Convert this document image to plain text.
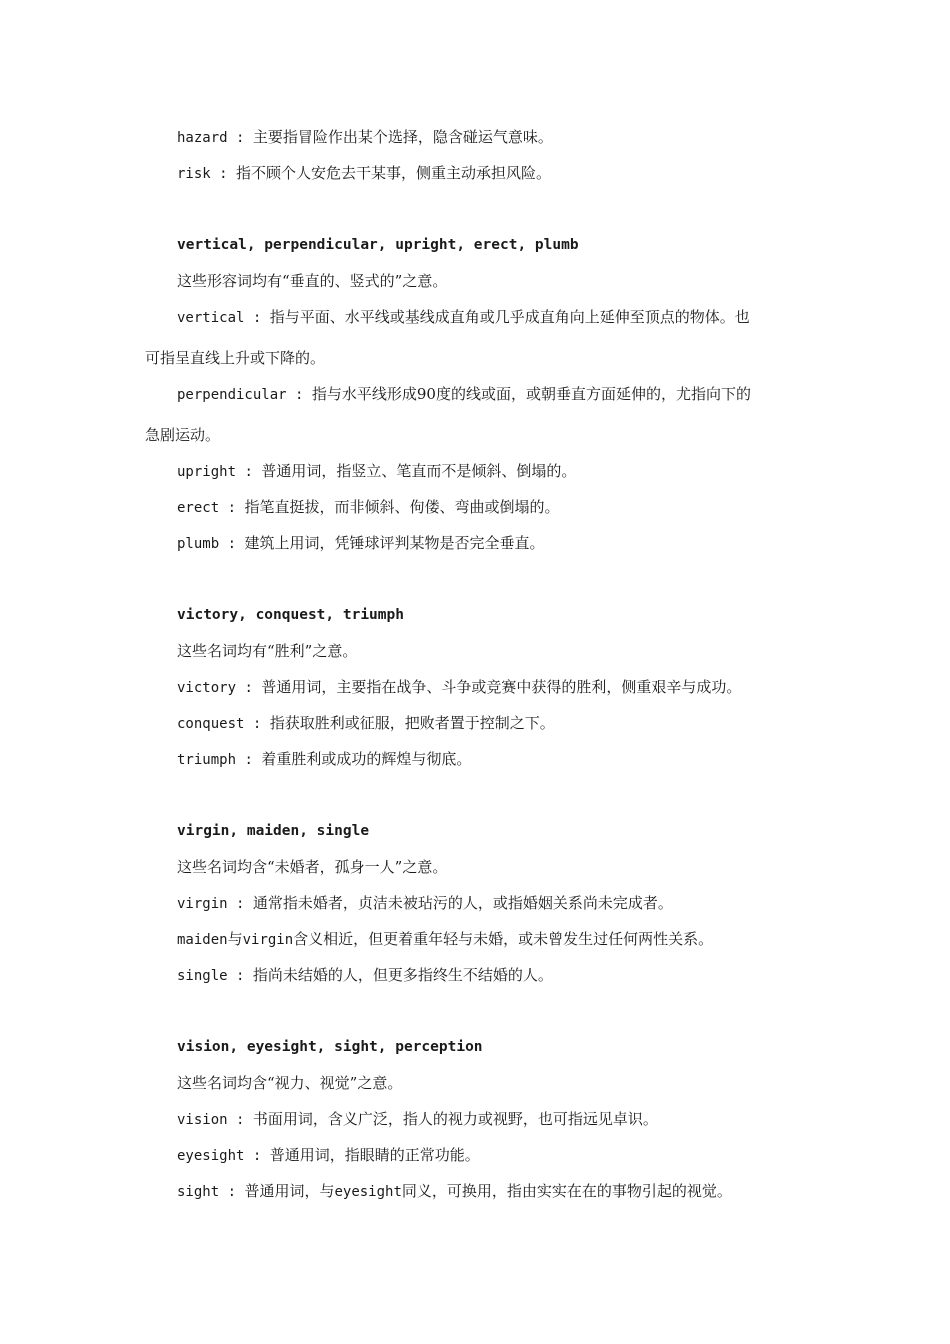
hazard : 主要指冒险作出某个选择，隐含碰运气意味。
risk : 指不顾个人安危去干某事，侧重主动承担风险。
vertical, perpendicular, upright, erect, plumb
这些形容词均有“垂直的、竖式的”之意。
vertical : 指与平面、水平线或基线成直角或几乎成直角向上延伸至顶点的物体。也
可指呈直线上升或下降的。
perpendicular : 指与水平线形成90度的线或面，或朝垂直方面延伸的，尤指向下的
急剧运动。
upright : 普通用词，指竖立、笔直而不是倾斜、倒塌的。
erect : 指笔直挺拔，而非倾斜、佝偻、弯曲或倒塌的。
plumb : 建筑上用词，凭锤球评判某物是否完全垂直。
victory, conquest, triumph
这些名词均有“胜利”之意。
victory : 普通用词，主要指在战争、斗争或竞赛中获得的胜利，侧重艰辛与成功。
conquest : 指获取胜利或征服，把败者置于控制之下。
triumph : 着重胜利或成功的辉煌与彻底。
virgin, maiden, single
这些名词均含“未婚者，孤身一人”之意。
virgin : 通常指未婚者，贞洁未被玷污的人，或指婚姻关系尚未完成者。
maiden与virgin含义相近，但更着重年轻与未婚，或未曾发生过任何两性关系。
single : 指尚未结婚的人，但更多指终生不结婚的人。
vision, eyesight, sight, perception
这些名词均含“视力、视觉”之意。
vision : 书面用词，含义广泛，指人的视力或视野，也可指远见卓识。
eyesight : 普通用词，指眼睛的正常功能。
sight : 普通用词，与eyesight同义，可换用，指由实实在在的事物引起的视觉。
